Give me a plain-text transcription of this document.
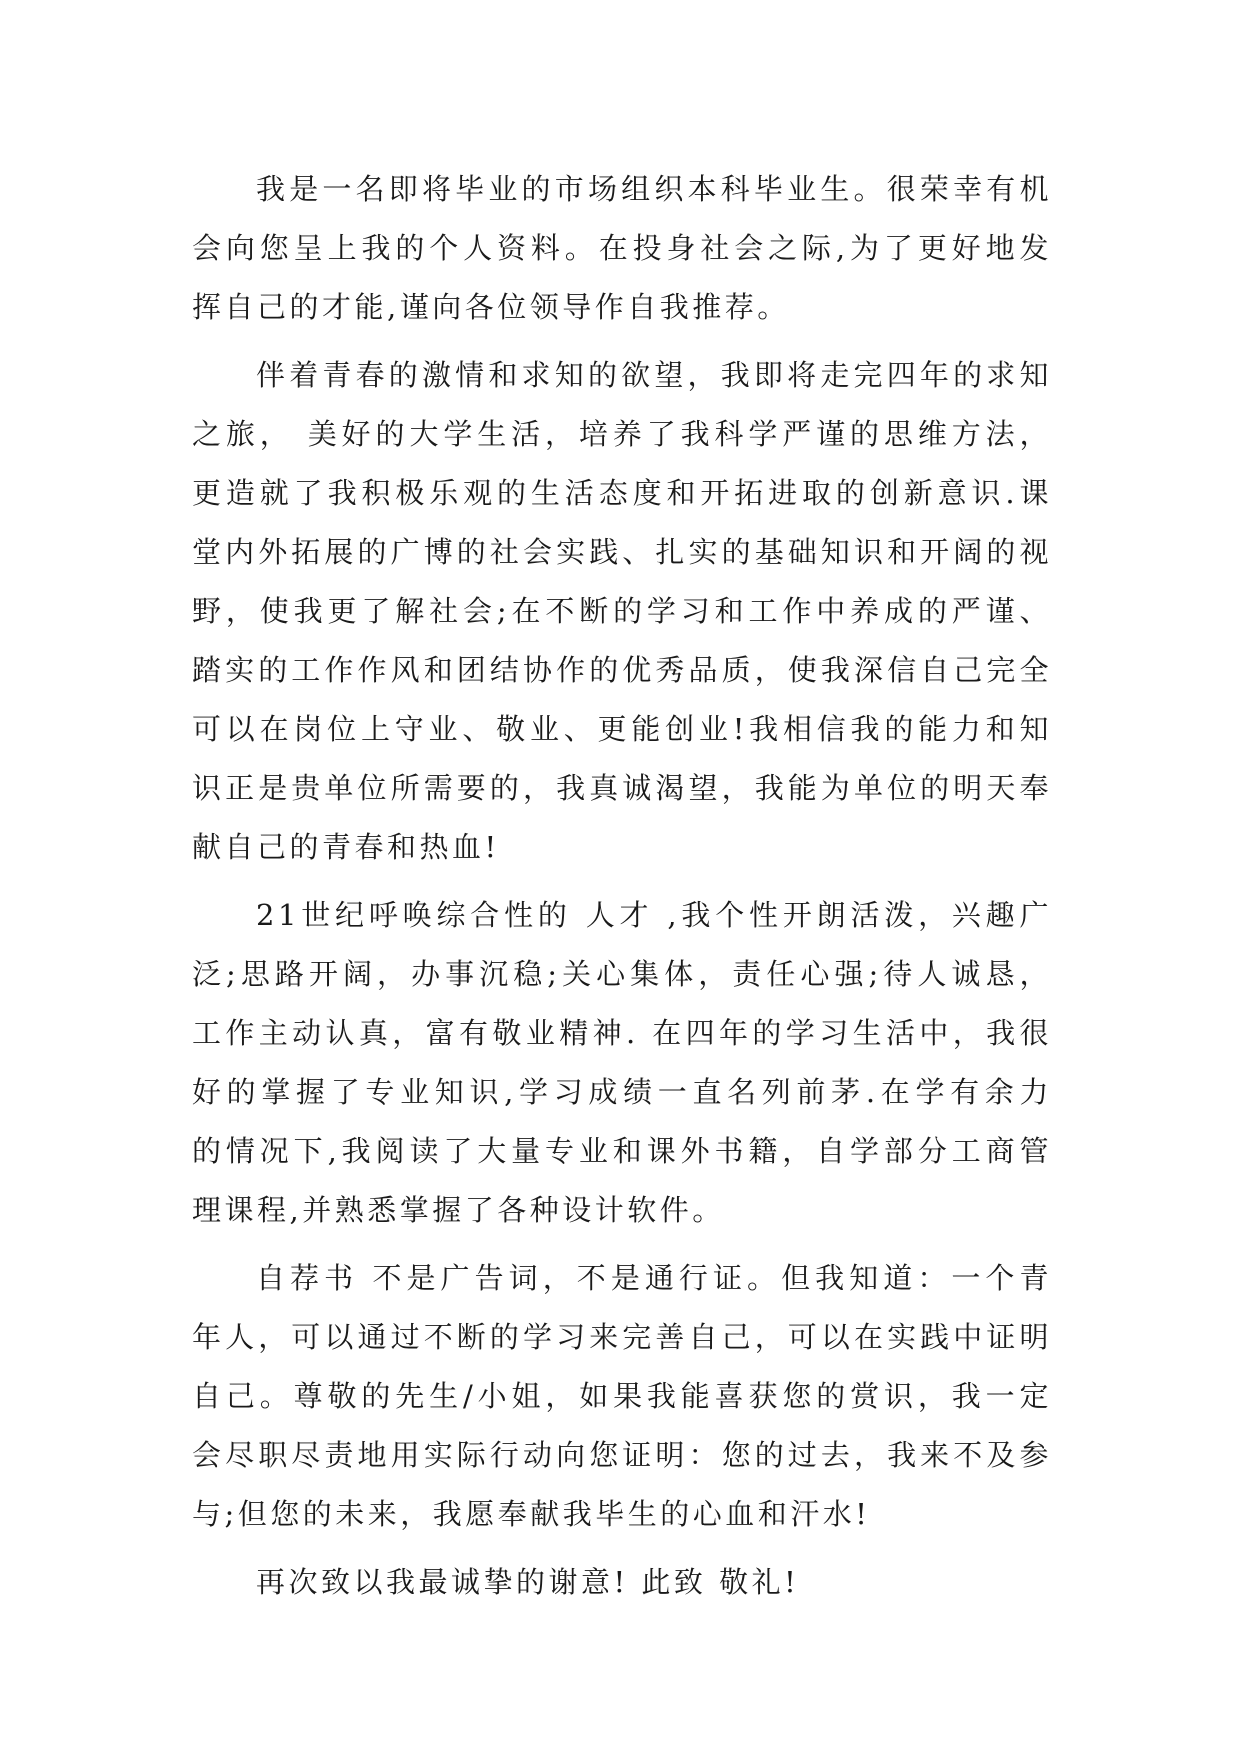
我是一名即将毕业的市场组织本科毕业生。很荣幸有机
会向您呈上我的个人资料。在投身社会之际,为了更好地发
挥自己的才能,谨向各位领导作自我推荐。
伴着青春的激情和求知的欲望，我即将走完四年的求知
之旅， 美好的大学生活，培养了我科学严谨的思维方法，
更造就了我积极乐观的生活态度和开拓进取的创新意识.课
堂内外拓展的广博的社会实践、扎实的基础知识和开阔的视
野，使我更了解社会;在不断的学习和工作中养成的严谨、
踏实的工作作风和团结协作的优秀品质，使我深信自己完全
可以在岗位上守业、敬业、更能创业!我相信我的能力和知
识正是贵单位所需要的，我真诚渴望，我能为单位的明天奉
献自己的青春和热血!
21世纪呼唤综合性的 人才 ,我个性开朗活泼，兴趣广
泛;思路开阔，办事沉稳;关心集体，责任心强;待人诚恳，
工作主动认真，富有敬业精神. 在四年的学习生活中，我很
好的掌握了专业知识,学习成绩一直名列前茅.在学有余力
的情况下,我阅读了大量专业和课外书籍，自学部分工商管
理课程,并熟悉掌握了各种设计软件。
自荐书 不是广告词，不是通行证。但我知道：一个青
年人，可以通过不断的学习来完善自己，可以在实践中证明
自己。尊敬的先生/小姐，如果我能喜获您的赏识，我一定
会尽职尽责地用实际行动向您证明：您的过去，我来不及参
与;但您的未来，我愿奉献我毕生的心血和汗水!
再次致以我最诚挚的谢意! 此致 敬礼!
